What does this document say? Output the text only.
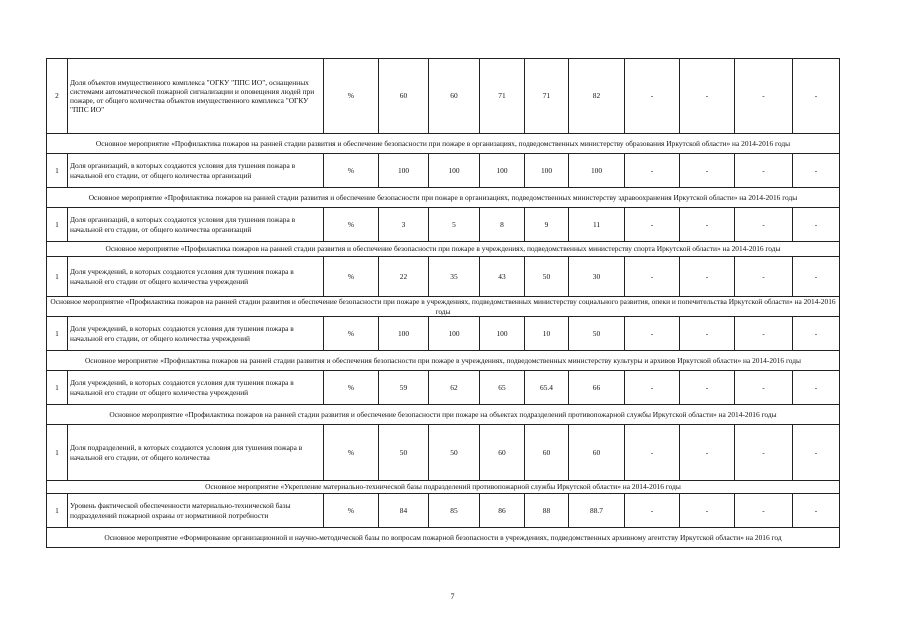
2	Доля объектов имущественного комплекса "ОГКУ "ППС ИО", оснащенных системами автоматической пожарной сигнализации и оповещения людей при пожаре, от общего количества объектов имущественного комплекса "ОГКУ "ППС ИО"	%	60	60	71	71	82	-	-	-	-
Основное мероприятие «Профилактика пожаров на ранней стадии развития и обеспечение безопасности при пожаре в организациях, подведомственных министерству образования Иркутской области» на 2014-2016 годы											
1	Доля организаций, в которых создаются условия для тушения пожара в начальной его стадии, от общего количества организаций	%	100	100	100	100	100	-	-	-	-
Основное мероприятие «Профилактика пожаров на ранней стадии развития и обеспечение безопасности при пожаре в организациях, подведомственных министерству здравоохранения Иркутской области» на 2014-2016 годы											
1	Доля организаций, в которых создаются условия для тушения пожара в начальной его стадии, от общего количества организаций	%	3	5	8	9	11	-	-	-	-
Основное мероприятие «Профилактика пожаров на ранней стадии развития и обеспечение безопасности при пожаре в учреждениях, подведомственных министерству спорта Иркутской области» на 2014-2016 годы											
1	Доля учреждений, в которых создаются условия для тушения пожара в начальной его стадии от общего количества учреждений	%	22	35	43	50	30	-	-	-	-
Основное мероприятие «Профилактика пожаров на ранней стадии развития и обеспечение безопасности при пожаре в учреждениях, подведомственных министерству социального развития, опеки и попечительства Иркутской области» на 2014-2016 годы											
1	Доля учреждений, в которых создаются условия для тушения пожара в начальной его стадии, от общего количества учреждений	%	100	100	100	10	50	-	-	-	-
Основное мероприятие «Профилактика пожаров на ранней стадии развития и обеспечения безопасности при пожаре в учреждениях, подведомственных министерству культуры и архивов Иркутской области» на 2014-2016 годы											
1	Доля учреждений, в которых создаются условия для тушения пожара в начальной его стадии от общего количества учреждений	%	59	62	65	65.4	66	-	-	-	-
Основное мероприятие «Профилактика пожаров на ранней стадии развития и обеспечение безопасности при пожаре на объектах подразделений противопожарной службы Иркутской области» на 2014-2016 годы											
1	Доля подразделений, в которых создаются условия для тушения пожара в начальной его стадии, от общего количества	%	50	50	60	60	60	-	-	-	-
Основное мероприятие «Укрепление материально-технической базы подразделений противопожарной службы Иркутской области» на 2014-2016 годы											
1	Уровень фактической обеспеченности материально-технической базы подразделений пожарной охраны от нормативной потребности	%	84	85	86	88	88.7	-	-	-	-
Основное мероприятие «Формирование организационной и научно-методической базы по вопросам пожарной безопасности в учреждениях, подведомственных архивному агентству Иркутской области» на 2016 год											
7
